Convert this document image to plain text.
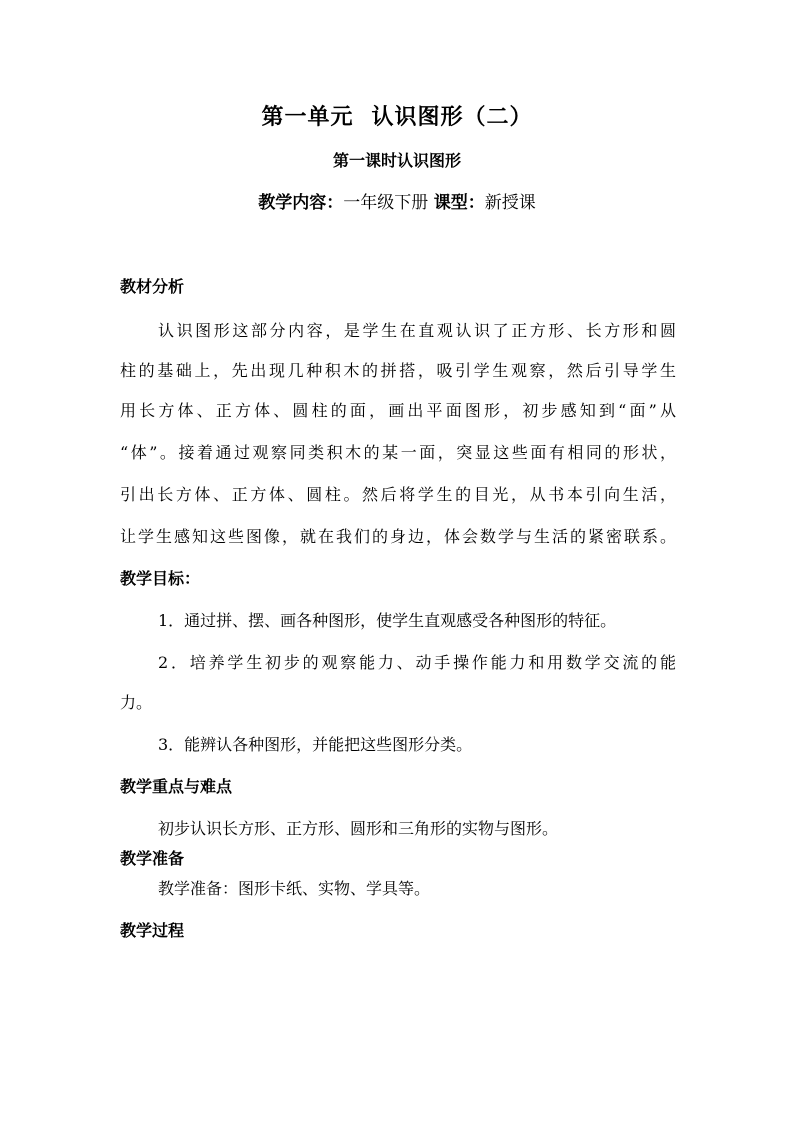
第一单元 认识图形（二）
第一课时认识图形
教学内容：一年级下册 课型：新授课
教材分析
认识图形这部分内容，是学生在直观认识了正方形、长方形和圆
柱的基础上，先出现几种积木的拼搭，吸引学生观察，然后引导学生
用长方体、正方体、圆柱的面，画出平面图形，初步感知到“面”从
“体”。接着通过观察同类积木的某一面，突显这些面有相同的形状，
引出长方体、正方体、圆柱。然后将学生的目光，从书本引向生活，
让学生感知这些图像，就在我们的身边，体会数学与生活的紧密联系。
教学目标：
1．通过拼、摆、画各种图形，使学生直观感受各种图形的特征。
2．培养学生初步的观察能力、动手操作能力和用数学交流的能
力。
3．能辨认各种图形，并能把这些图形分类。
教学重点与难点
初步认识长方形、正方形、圆形和三角形的实物与图形。
教学准备
教学准备：图形卡纸、实物、学具等。
教学过程
